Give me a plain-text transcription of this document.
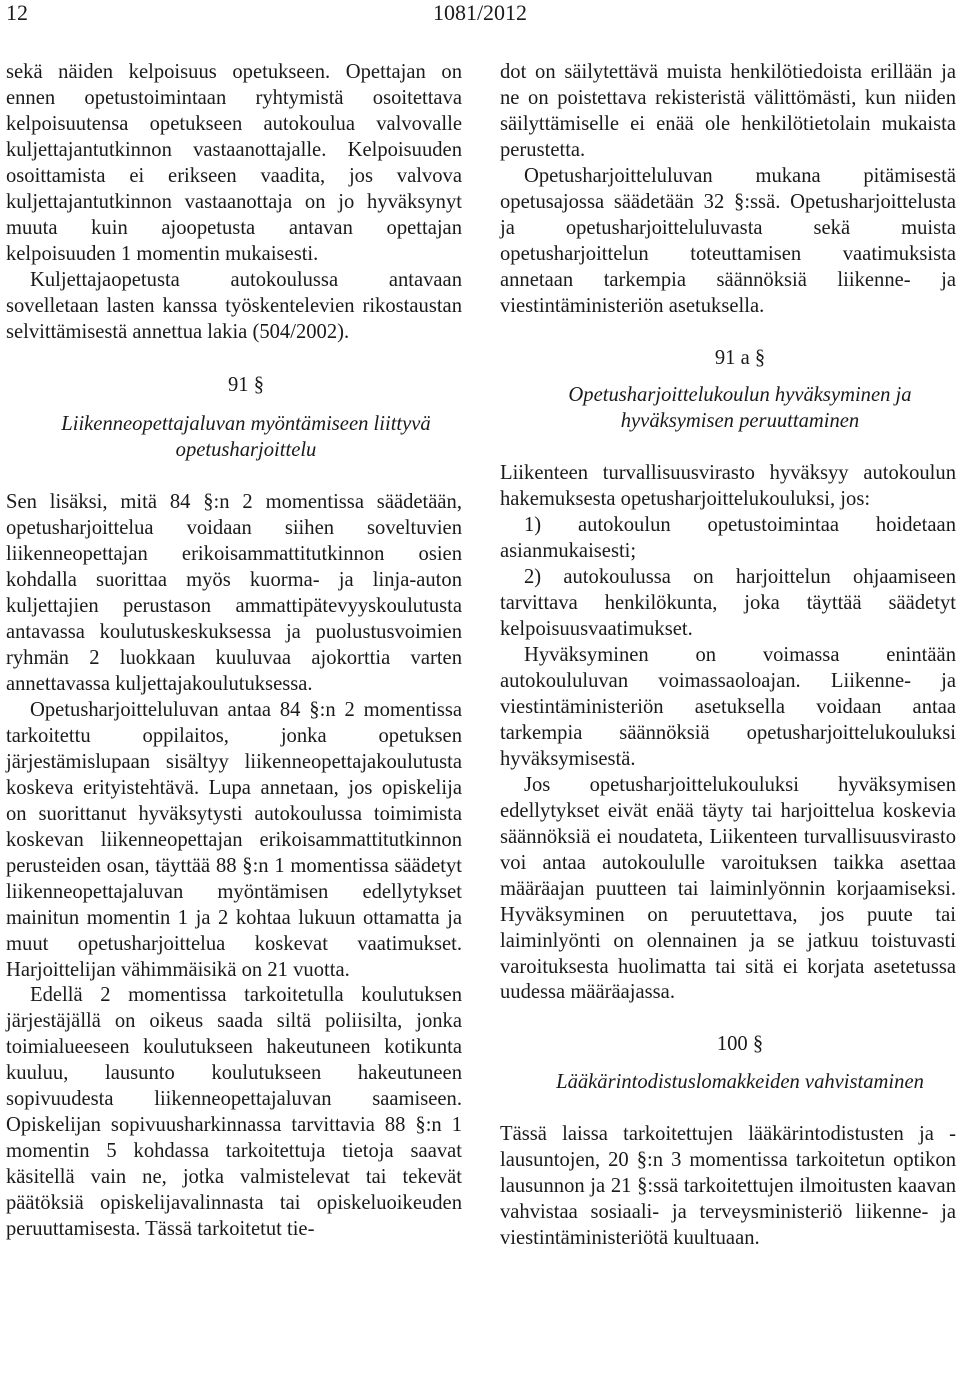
12	1081/2012

sekä näiden kelpoisuus opetukseen. Opettajan on ennen opetustoimintaan ryhtymistä osoitettava kelpoisuutensa opetukseen autokoulua valvovalle kuljettajantutkinnon vastaanottajalle. Kelpoisuuden osoittamista ei erikseen vaadita, jos valvova kuljettajantutkinnon vastaanottaja on jo hyväksynyt muuta kuin ajoopetusta antavan opettajan kelpoisuuden 1 momentin mukaisesti.

Kuljettajaopetusta autokoulussa antavaan sovelletaan lasten kanssa työskentelevien rikostaustan selvittämisestä annettua lakia (504/2002).

91 §

Liikenneopettajaluvan myöntämiseen liittyvä

opetusharjoittelu

Sen lisäksi, mitä 84 §:n 2 momentissa säädetään, opetusharjoittelua voidaan siihen soveltuvien liikenneopettajan erikoisammattitutkinnon osien kohdalla suorittaa myös kuorma- ja linja-auton kuljettajien perustason ammattipätevyyskoulutusta antavassa koulutuskeskuksessa ja puolustusvoimien ryhmän 2 luokkaan kuuluvaa ajokorttia varten annettavassa kuljettajakoulutuksessa.

Opetusharjoitteluluvan antaa 84 §:n 2 momentissa tarkoitettu oppilaitos, jonka opetuksen järjestämislupaan sisältyy liikenneopettajakoulutusta koskeva erityistehtävä. Lupa annetaan, jos opiskelija on suorittanut hyväksytysti autokoulussa toimimista koskevan liikenneopettajan erikoisammattitutkinnon perusteiden osan, täyttää 88 §:n 1 momentissa säädetyt liikenneopettajaluvan myöntämisen edellytykset mainitun momentin 1 ja 2 kohtaa lukuun ottamatta ja muut opetusharjoittelua koskevat vaatimukset. Harjoittelijan vähimmäisikä on 21 vuotta.

Edellä 2 momentissa tarkoitetulla koulutuksen järjestäjällä on oikeus saada siltä poliisilta, jonka toimialueeseen koulutukseen hakeutuneen kotikunta kuuluu, lausunto koulutukseen hakeutuneen sopivuudesta liikenneopettajaluvan saamiseen. Opiskelijan sopivuusharkinnassa tarvittavia 88 §:n 1 momentin 5 kohdassa tarkoitettuja tietoja saavat käsitellä vain ne, jotka valmistelevat tai tekevät päätöksiä opiskelijavalinnasta tai opiskeluoikeuden peruuttamisesta. Tässä tarkoitetut tie-

dot on säilytettävä muista henkilötiedoista erillään ja ne on poistettava rekisteristä välittömästi, kun niiden säilyttämiselle ei enää ole henkilötietolain mukaista perustetta.

Opetusharjoitteluluvan mukana pitämisestä opetusajossa säädetään 32 §:ssä. Opetusharjoittelusta ja opetusharjoitteluluvasta sekä muista opetusharjoittelun toteuttamisen vaatimuksista annetaan tarkempia säännöksiä liikenne- ja viestintäministeriön asetuksella.

91 a §

Opetusharjoittelukoulun hyväksyminen ja

hyväksymisen peruuttaminen

Liikenteen turvallisuusvirasto hyväksyy autokoulun hakemuksesta opetusharjoittelukouluksi, jos:

1) autokoulun opetustoimintaa hoidetaan asianmukaisesti;

2) autokoulussa on harjoittelun ohjaamiseen tarvittava henkilökunta, joka täyttää säädetyt kelpoisuusvaatimukset.

Hyväksyminen on voimassa enintään autokoululuvan voimassaoloajan. Liikenne- ja viestintäministeriön asetuksella voidaan antaa tarkempia säännöksiä opetusharjoittelukouluksi hyväksymisestä.

Jos opetusharjoittelukouluksi hyväksymisen edellytykset eivät enää täyty tai harjoittelua koskevia säännöksiä ei noudateta, Liikenteen turvallisuusvirasto voi antaa autokoululle varoituksen taikka asettaa määräajan puutteen tai laiminlyönnin korjaamiseksi. Hyväksyminen on peruutettava, jos puute tai laiminlyönti on olennainen ja se jatkuu toistuvasti varoituksesta huolimatta tai sitä ei korjata asetetussa uudessa määräajassa.

100 §

Lääkärintodistuslomakkeiden vahvistaminen

Tässä laissa tarkoitettujen lääkärintodistusten ja -lausuntojen, 20 §:n 3 momentissa tarkoitetun optikon lausunnon ja 21 §:ssä tarkoitettujen ilmoitusten kaavan vahvistaa sosiaali- ja terveysministeriö liikenne- ja viestintäministeriötä kuultuaan.
